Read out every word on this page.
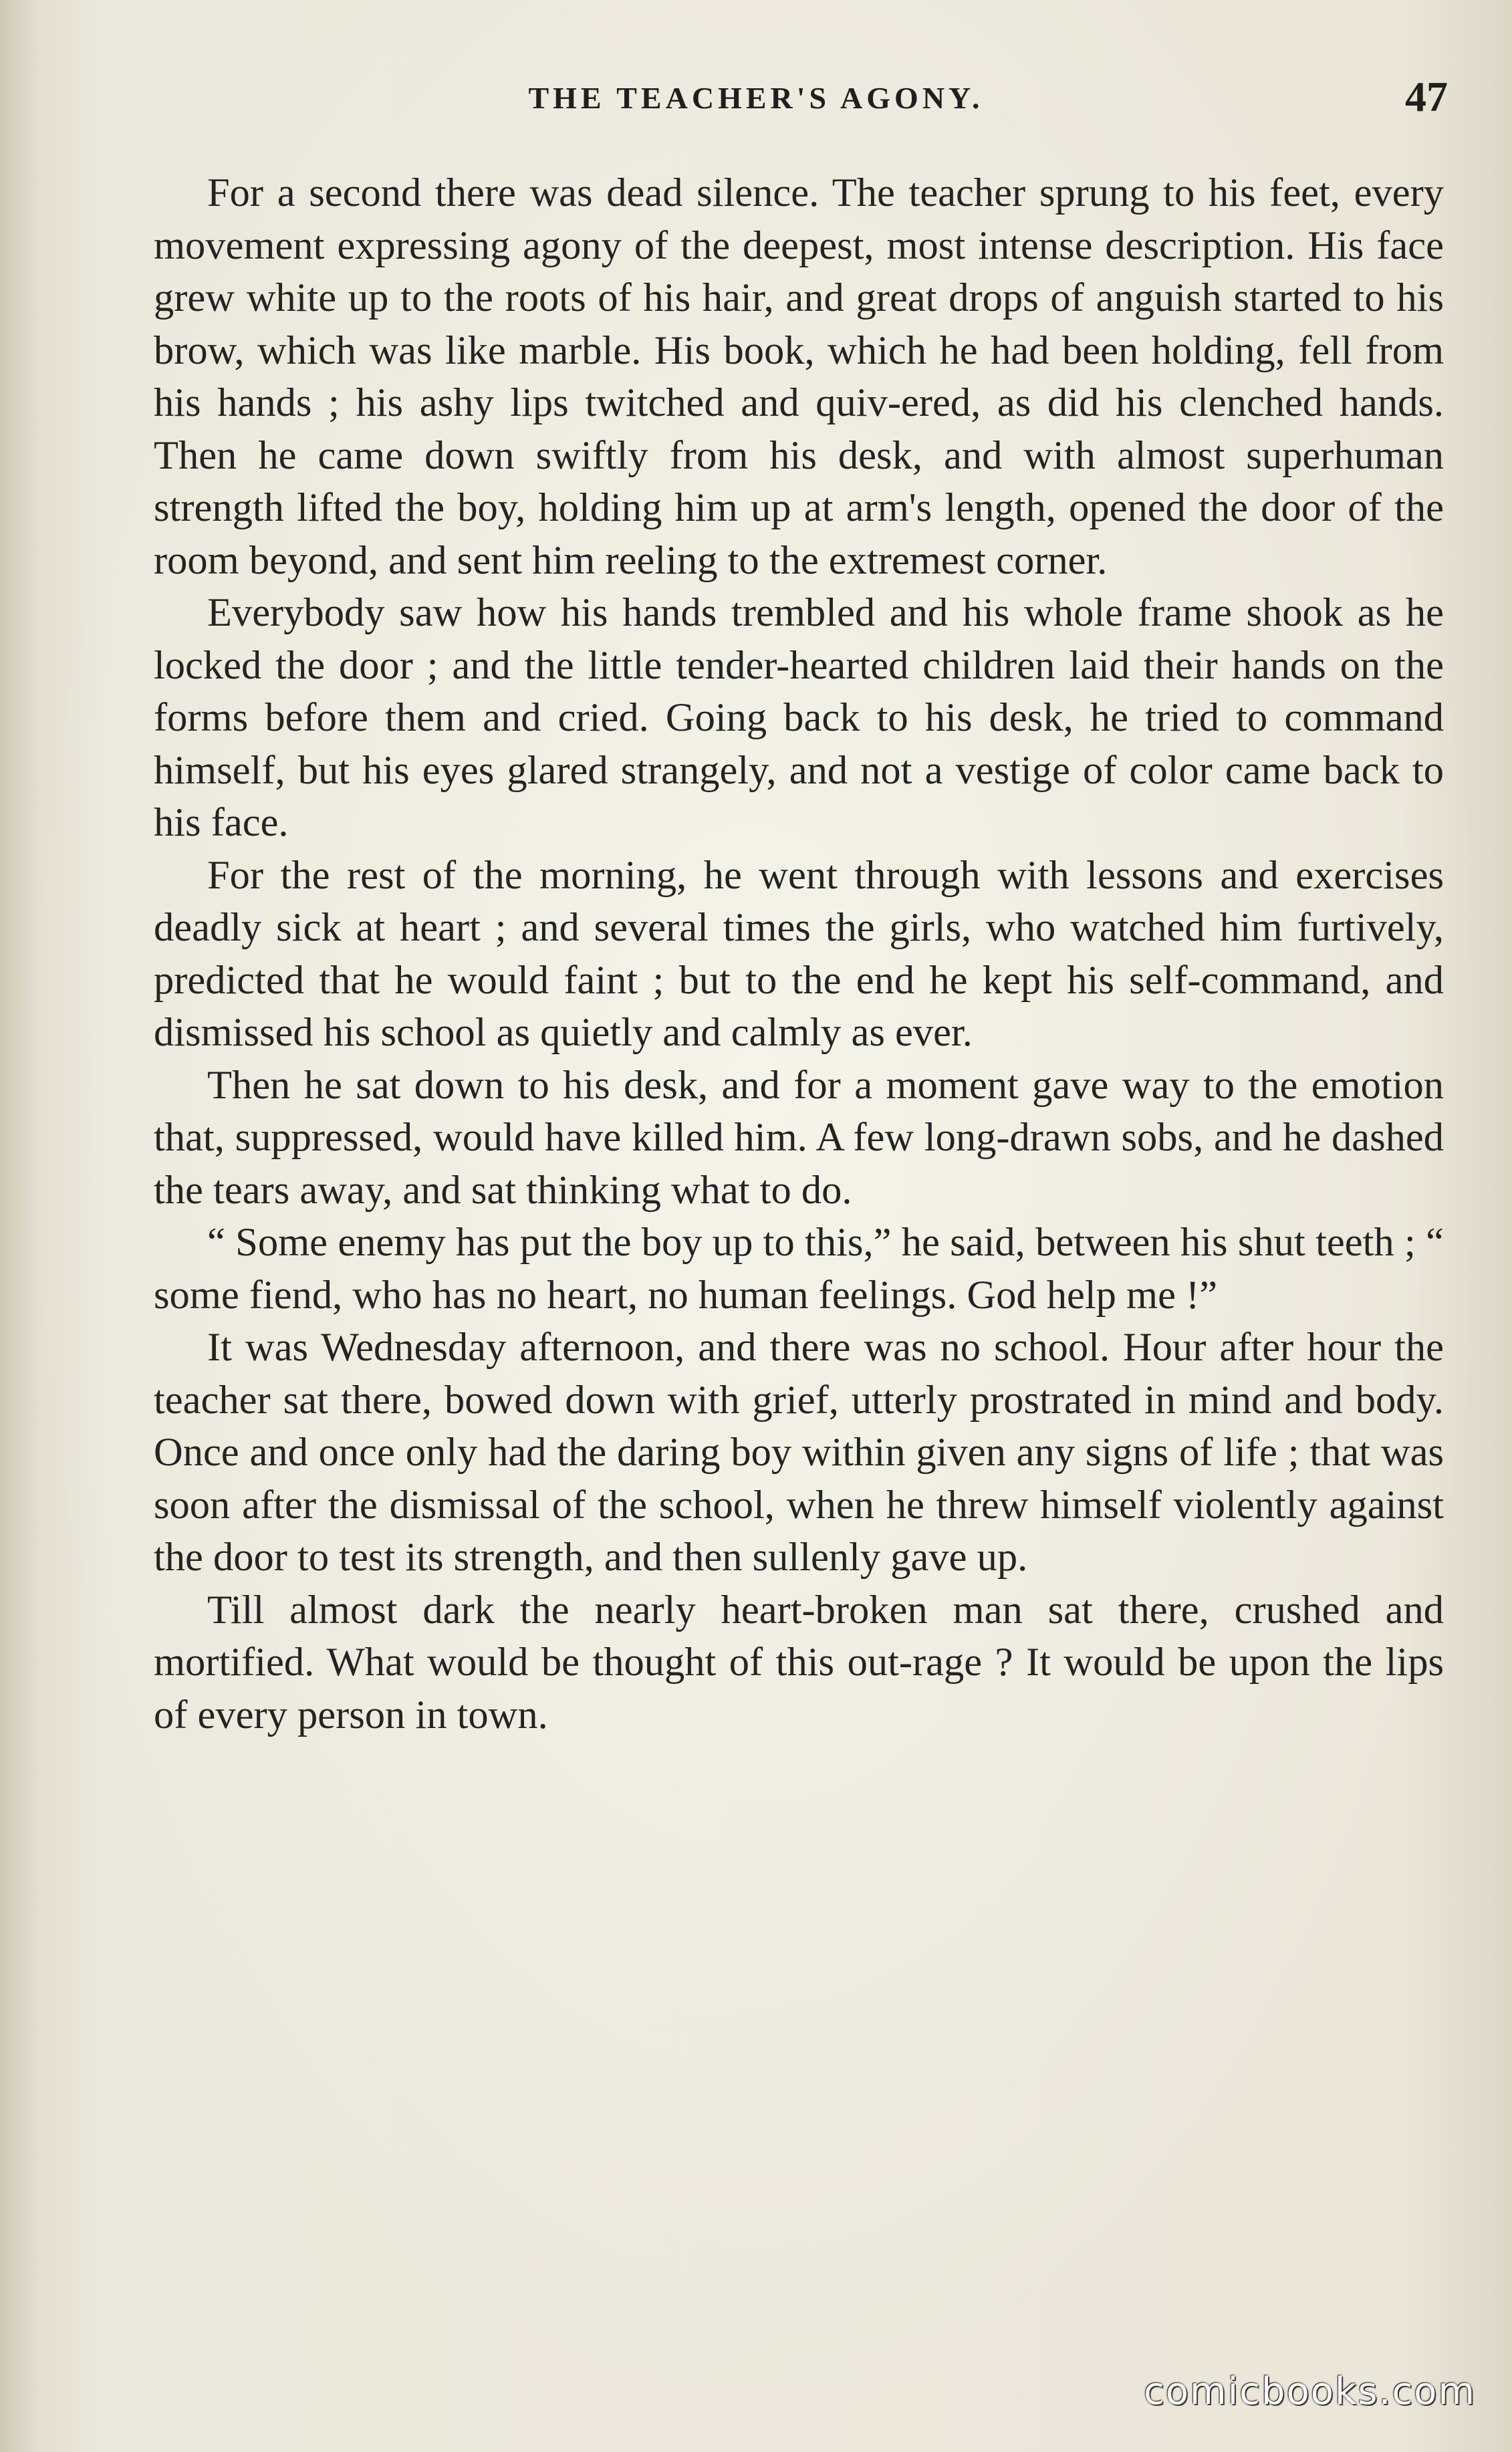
THE TEACHER'S AGONY.	47

For a second there was dead silence. The teacher sprung to his feet, every movement expressing agony of the deepest, most intense description. His face grew white up to the roots of his hair, and great drops of anguish started to his brow, which was like marble. His book, which he had been holding, fell from his hands ; his ashy lips twitched and quiv-ered, as did his clenched hands. Then he came down swiftly from his desk, and with almost superhuman strength lifted the boy, holding him up at arm's length, opened the door of the room beyond, and sent him reeling to the extremest corner.

Everybody saw how his hands trembled and his whole frame shook as he locked the door ; and the little tender-hearted children laid their hands on the forms before them and cried. Going back to his desk, he tried to command himself, but his eyes glared strangely, and not a vestige of color came back to his face.

For the rest of the morning, he went through with lessons and exercises deadly sick at heart ; and several times the girls, who watched him furtively, predicted that he would faint ; but to the end he kept his self-command, and dismissed his school as quietly and calmly as ever.

Then he sat down to his desk, and for a moment gave way to the emotion that, suppressed, would have killed him. A few long-drawn sobs, and he dashed the tears away, and sat thinking what to do.

“ Some enemy has put the boy up to this,” he said, between his shut teeth ; “ some fiend, who has no heart, no human feelings. God help me !”

It was Wednesday afternoon, and there was no school. Hour after hour the teacher sat there, bowed down with grief, utterly prostrated in mind and body. Once and once only had the daring boy within given any signs of life ; that was soon after the dismissal of the school, when he threw himself violently against the door to test its strength, and then sullenly gave up.

Till almost dark the nearly heart-broken man sat there, crushed and mortified. What would be thought of this out-rage ? It would be upon the lips of every person in town.

comicbooks.com
